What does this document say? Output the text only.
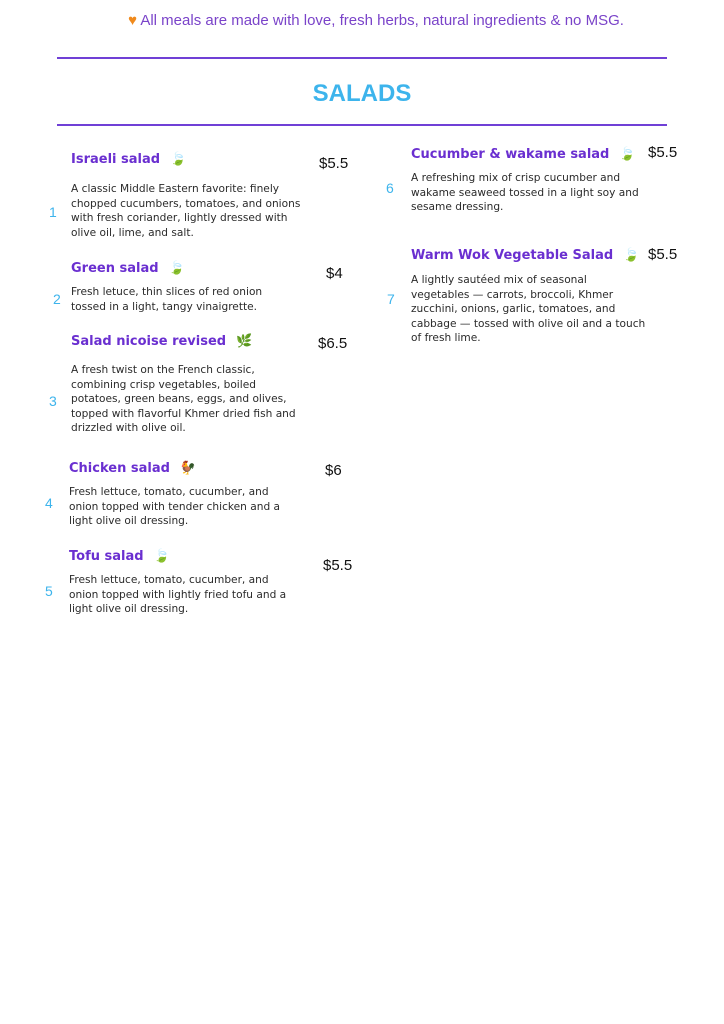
♥ All meals are made with love, fresh herbs, natural ingredients & no MSG.
SALADS
1
Israeli salad 🍃
A classic Middle Eastern favorite: finely
chopped cucumbers, tomatoes, and onions
with fresh coriander, lightly dressed with
olive oil, lime, and salt.
$5.5
2
Green salad 🍃
Fresh letuce, thin slices of red onion
tossed in a light, tangy vinaigrette.
$4
3
Salad nicoise revised 🌿
A fresh twist on the French classic,
combining crisp vegetables, boiled
potatoes, green beans, eggs, and olives,
topped with flavorful Khmer dried fish and
drizzled with olive oil.
$6.5
4
Chicken salad 🐓
Fresh lettuce, tomato, cucumber, and
onion topped with tender chicken and a
light olive oil dressing.
$6
5
Tofu salad 🍃
Fresh lettuce, tomato, cucumber, and
onion topped with lightly fried tofu and a
light olive oil dressing.
$5.5
6
Cucumber & wakame salad 🍃
A refreshing mix of crisp cucumber and
wakame seaweed tossed in a light soy and
sesame dressing.
$5.5
7
Warm Wok Vegetable Salad 🍃
A lightly sautéed mix of seasonal
vegetables — carrots, broccoli, Khmer
zucchini, onions, garlic, tomatoes, and
cabbage — tossed with olive oil and a touch
of fresh lime.
$5.5
